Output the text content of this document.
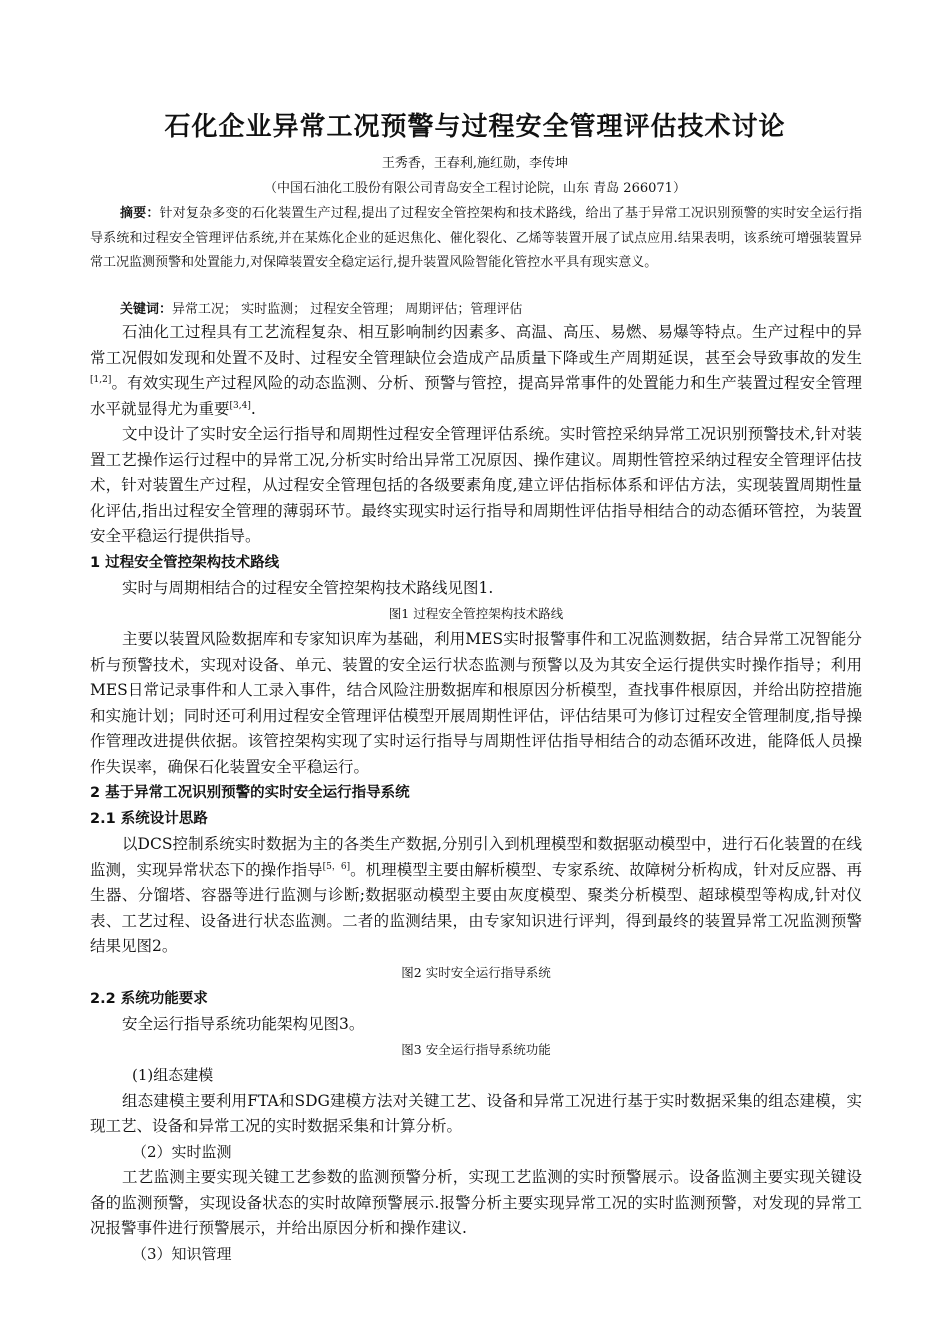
石化企业异常工况预警与过程安全管理评估技术讨论
王秀香，王春利,施红勋，李传坤
（中国石油化工股份有限公司青岛安全工程讨论院，山东 青岛 266071）
摘要：针对复杂多变的石化装置生产过程,提出了过程安全管控架构和技术路线，给出了基于异常工况识别预警的实时安全运行指导系统和过程安全管理评估系统,并在某炼化企业的延迟焦化、催化裂化、乙烯等装置开展了试点应用.结果表明，该系统可增强装置异常工况监测预警和处置能力,对保障装置安全稳定运行,提升装置风险智能化管控水平具有现实意义。
关键词：异常工况； 实时监测； 过程安全管理； 周期评估；管理评估

石油化工过程具有工艺流程复杂、相互影响制约因素多、高温、高压、易燃、易爆等特点。生产过程中的异常工况假如发现和处置不及时、过程安全管理缺位会造成产品质量下降或生产周期延误，甚至会导致事故的发生[1,2]。有效实现生产过程风险的动态监测、分析、预警与管控，提高异常事件的处置能力和生产装置过程安全管理水平就显得尤为重要[3,4].

文中设计了实时安全运行指导和周期性过程安全管理评估系统。实时管控采纳异常工况识别预警技术,针对装置工艺操作运行过程中的异常工况,分析实时给出异常工况原因、操作建议。周期性管控采纳过程安全管理评估技术，针对装置生产过程，从过程安全管理包括的各级要素角度,建立评估指标体系和评估方法，实现装置周期性量化评估,指出过程安全管理的薄弱环节。最终实现实时运行指导和周期性评估指导相结合的动态循环管控，为装置安全平稳运行提供指导。

1 过程安全管控架构技术路线

实时与周期相结合的过程安全管控架构技术路线见图1.

图1 过程安全管控架构技术路线

主要以装置风险数据库和专家知识库为基础，利用MES实时报警事件和工况监测数据，结合异常工况智能分析与预警技术，实现对设备、单元、装置的安全运行状态监测与预警以及为其安全运行提供实时操作指导；利用MES日常记录事件和人工录入事件，结合风险注册数据库和根原因分析模型，查找事件根原因，并给出防控措施和实施计划；同时还可利用过程安全管理评估模型开展周期性评估，评估结果可为修订过程安全管理制度,指导操作管理改进提供依据。该管控架构实现了实时运行指导与周期性评估指导相结合的动态循环改进，能降低人员操作失误率，确保石化装置安全平稳运行。

2 基于异常工况识别预警的实时安全运行指导系统

2.1 系统设计思路

以DCS控制系统实时数据为主的各类生产数据,分别引入到机理模型和数据驱动模型中，进行石化装置的在线监测，实现异常状态下的操作指导[5，6]。机理模型主要由解析模型、专家系统、故障树分析构成，针对反应器、再生器、分馏塔、容器等进行监测与诊断;数据驱动模型主要由灰度模型、聚类分析模型、超球模型等构成,针对仪表、工艺过程、设备进行状态监测。二者的监测结果，由专家知识进行评判，得到最终的装置异常工况监测预警结果见图2。

图2 实时安全运行指导系统

2.2 系统功能要求

安全运行指导系统功能架构见图3。

图3 安全运行指导系统功能

(1)组态建模

组态建模主要利用FTA和SDG建模方法对关键工艺、设备和异常工况进行基于实时数据采集的组态建模，实现工艺、设备和异常工况的实时数据采集和计算分析。

（2）实时监测

工艺监测主要实现关键工艺参数的监测预警分析，实现工艺监测的实时预警展示。设备监测主要实现关键设备的监测预警，实现设备状态的实时故障预警展示.报警分析主要实现异常工况的实时监测预警，对发现的异常工况报警事件进行预警展示，并给出原因分析和操作建议.

（3）知识管理
